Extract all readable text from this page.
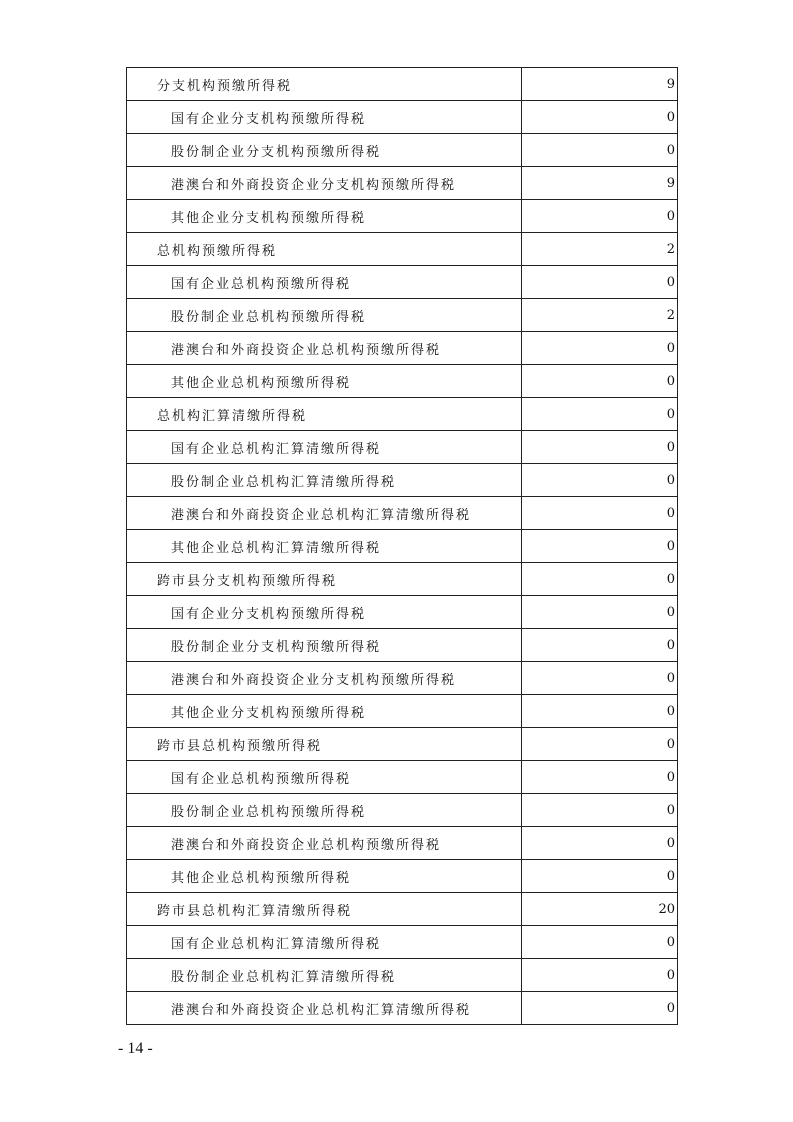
分支机构预缴所得税	9
国有企业分支机构预缴所得税	0
股份制企业分支机构预缴所得税	0
港澳台和外商投资企业分支机构预缴所得税	9
其他企业分支机构预缴所得税	0
总机构预缴所得税	2
国有企业总机构预缴所得税	0
股份制企业总机构预缴所得税	2
港澳台和外商投资企业总机构预缴所得税	0
其他企业总机构预缴所得税	0
总机构汇算清缴所得税	0
国有企业总机构汇算清缴所得税	0
股份制企业总机构汇算清缴所得税	0
港澳台和外商投资企业总机构汇算清缴所得税	0
其他企业总机构汇算清缴所得税	0
跨市县分支机构预缴所得税	0
国有企业分支机构预缴所得税	0
股份制企业分支机构预缴所得税	0
港澳台和外商投资企业分支机构预缴所得税	0
其他企业分支机构预缴所得税	0
跨市县总机构预缴所得税	0
国有企业总机构预缴所得税	0
股份制企业总机构预缴所得税	0
港澳台和外商投资企业总机构预缴所得税	0
其他企业总机构预缴所得税	0
跨市县总机构汇算清缴所得税	20
国有企业总机构汇算清缴所得税	0
股份制企业总机构汇算清缴所得税	0
港澳台和外商投资企业总机构汇算清缴所得税	0
- 14 -
